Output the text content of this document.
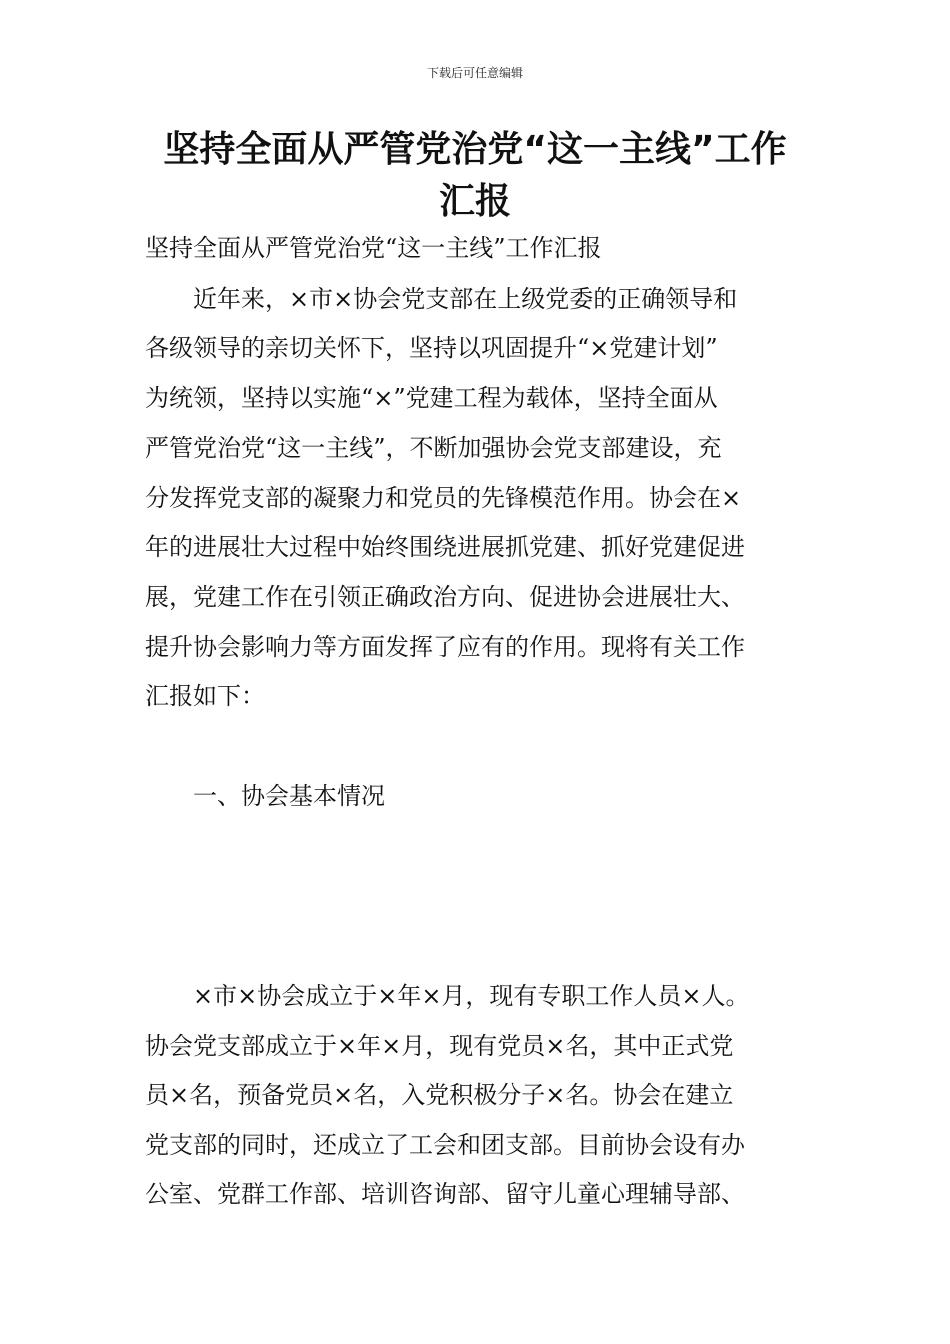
下载后可任意编辑
坚持全面从严管党治党“这一主线”工作
汇报
坚持全面从严管党治党“这一主线”工作汇报
近年来，×市×协会党支部在上级党委的正确领导和
各级领导的亲切关怀下，坚持以巩固提升“×党建计划”
为统领，坚持以实施“×”党建工程为载体，坚持全面从
严管党治党“这一主线”，不断加强协会党支部建设，充
分发挥党支部的凝聚力和党员的先锋模范作用。协会在×
年的进展壮大过程中始终围绕进展抓党建、抓好党建促进
展，党建工作在引领正确政治方向、促进协会进展壮大、
提升协会影响力等方面发挥了应有的作用。现将有关工作
汇报如下：
一、协会基本情况
×市×协会成立于×年×月，现有专职工作人员×人。
协会党支部成立于×年×月，现有党员×名，其中正式党
员×名，预备党员×名，入党积极分子×名。协会在建立
党支部的同时，还成立了工会和团支部。目前协会设有办
公室、党群工作部、培训咨询部、留守儿童心理辅导部、
